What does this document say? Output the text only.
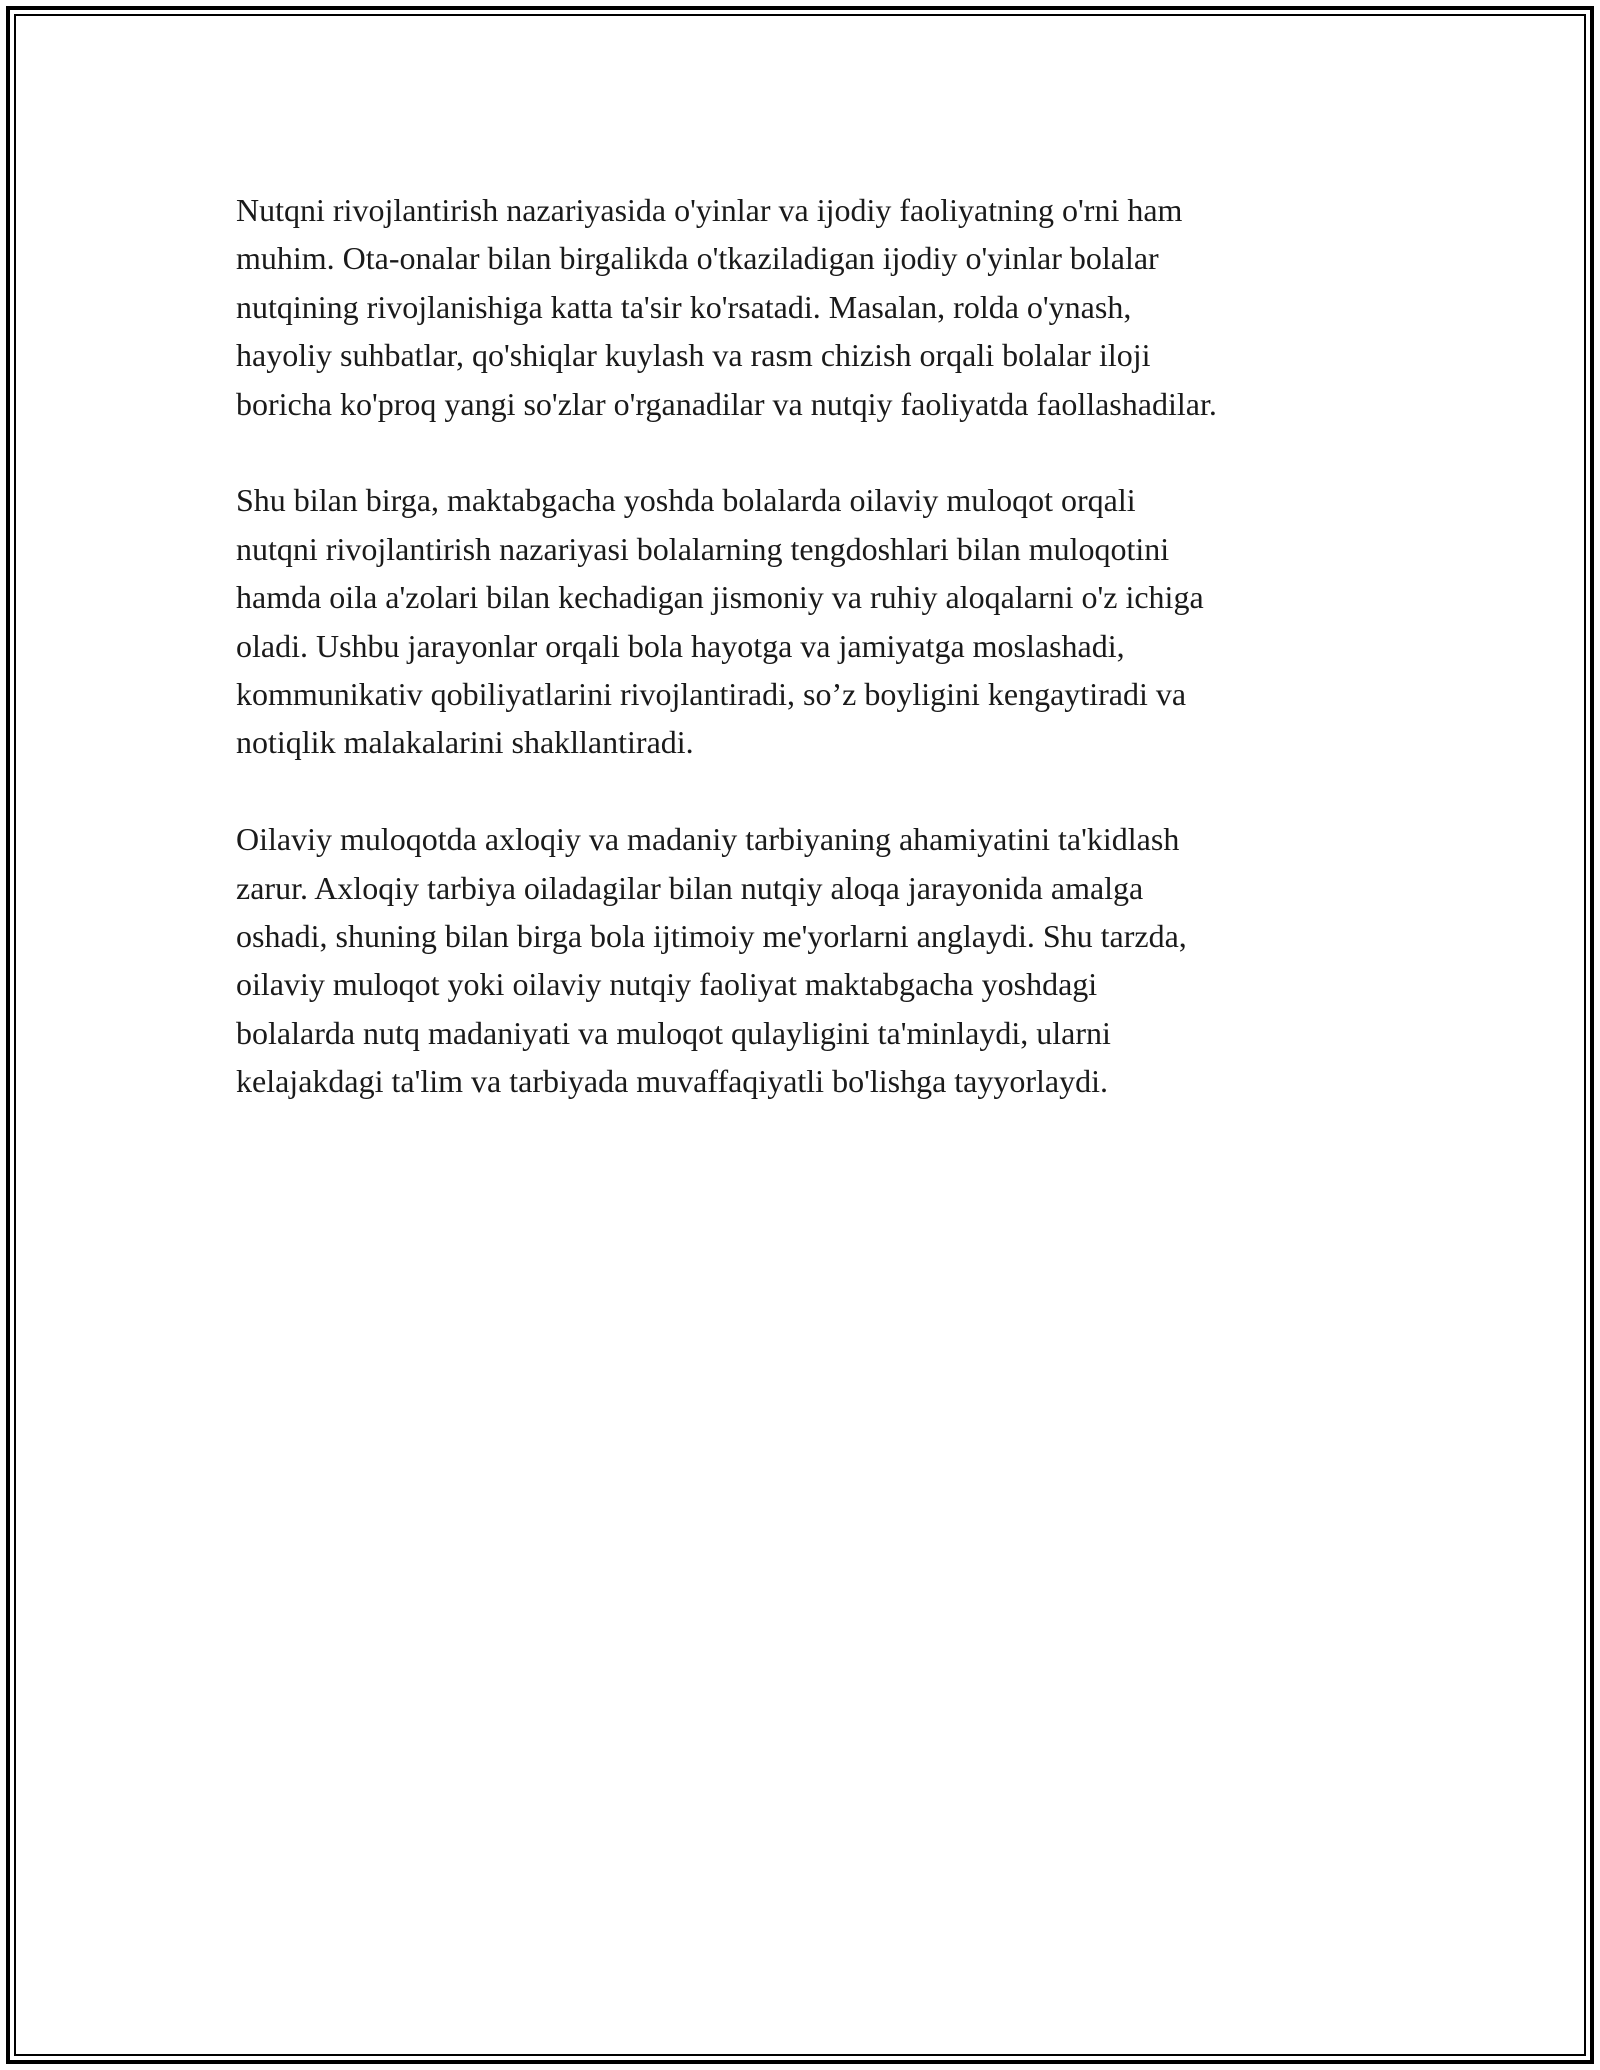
Nutqni rivojlantirish nazariyasida o'yinlar va ijodiy faoliyatning o'rni ham
muhim. Ota-onalar bilan birgalikda o'tkaziladigan ijodiy o'yinlar bolalar
nutqining rivojlanishiga katta ta'sir ko'rsatadi. Masalan, rolda o'ynash,
hayoliy suhbatlar, qo'shiqlar kuylash va rasm chizish orqali bolalar iloji
boricha ko'proq yangi so'zlar o'rganadilar va nutqiy faoliyatda faollashadilar.

Shu bilan birga, maktabgacha yoshda bolalarda oilaviy muloqot orqali
nutqni rivojlantirish nazariyasi bolalarning tengdoshlari bilan muloqotini
hamda oila a'zolari bilan kechadigan jismoniy va ruhiy aloqalarni o'z ichiga
oladi. Ushbu jarayonlar orqali bola hayotga va jamiyatga moslashadi,
kommunikativ qobiliyatlarini rivojlantiradi, so’z boyligini kengaytiradi va
notiqlik malakalarini shakllantiradi.

Oilaviy muloqotda axloqiy va madaniy tarbiyaning ahamiyatini ta'kidlash
zarur. Axloqiy tarbiya oiladagilar bilan nutqiy aloqa jarayonida amalga
oshadi, shuning bilan birga bola ijtimoiy me'yorlarni anglaydi. Shu tarzda,
oilaviy muloqot yoki oilaviy nutqiy faoliyat maktabgacha yoshdagi
bolalarda nutq madaniyati va muloqot qulayligini ta'minlaydi, ularni
kelajakdagi ta'lim va tarbiyada muvaffaqiyatli bo'lishga tayyorlaydi.
